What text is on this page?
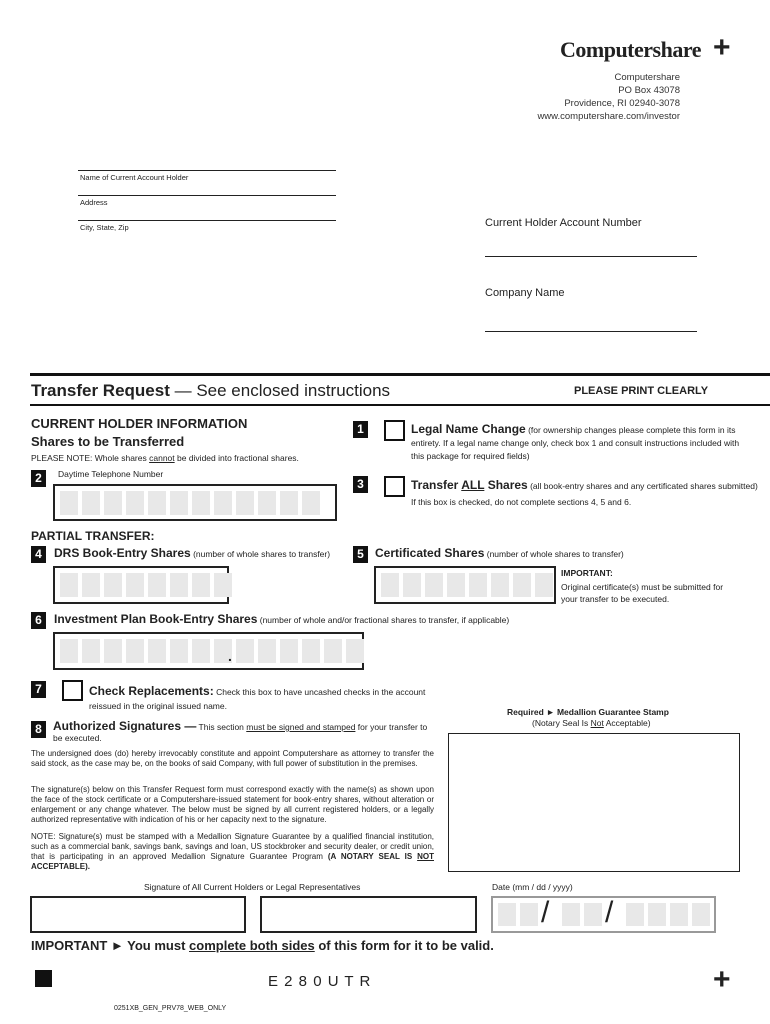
+
Computershare
Computershare
PO Box 43078
Providence, RI 02940-3078
www.computershare.com/investor
Name of Current Account Holder
Address
City, State, Zip	Current Holder Account Number
Company Name
Transfer Request — See enclosed instructions	PLEASE PRINT CLEARLY
CURRENT HOLDER INFORMATION
Shares to be Transferred
PLEASE NOTE: Whole shares cannot be divided into fractional shares.
2	Daytime Telephone Number
1	Legal Name Change (for ownership changes please complete this form in its entirety. If a legal name change only, check box 1 and consult instructions included with this package for required fields)
3	Transfer ALL Shares (all book-entry shares and any certificated shares submitted)
If this box is checked, do not complete sections 4, 5 and 6.
PARTIAL TRANSFER:
4	DRS Book-Entry Shares (number of whole shares to transfer)	5 Certificated Shares (number of whole shares to transfer)
IMPORTANT:
Original certificate(s) must be submitted for your transfer to be executed.
6	Investment Plan Book-Entry Shares (number of whole and/or fractional shares to transfer, if applicable)
.
7	Check Replacements: Check this box to have uncashed checks in the account reissued in the original issued name.
8 Authorized Signatures — This section must be signed and stamped for your transfer to be executed.
Required ► Medallion Guarantee Stamp
(Notary Seal Is Not Acceptable)
The undersigned does (do) hereby irrevocably constitute and appoint Computershare as attorney to transfer the said stock, as the case may be, on the books of said Company, with full power of substitution in the premises.
The signature(s) below on this Transfer Request form must correspond exactly with the name(s) as shown upon the face of the stock certificate or a Computershare-issued statement for book-entry shares, without alteration or enlargement or any change whatever. The below must be signed by all current registered holders, or a legally authorized representative with indication of his or her capacity next to the signature.
NOTE: Signature(s) must be stamped with a Medallion Signature Guarantee by a qualified financial institution, such as a commercial bank, savings bank, savings and loan, US stockbroker and security dealer, or credit union, that is participating in an approved Medallion Signature Guarantee Program (A NOTARY SEAL IS NOT ACCEPTABLE).
Signature of All Current Holders or Legal Representatives	Date (mm / dd / yyyy)
/ /
IMPORTANT ► You must complete both sides of this form for it to be valid.
E 2 8 0 U T R	+
0251XB_GEN_PRV78_WEB_ONLY
